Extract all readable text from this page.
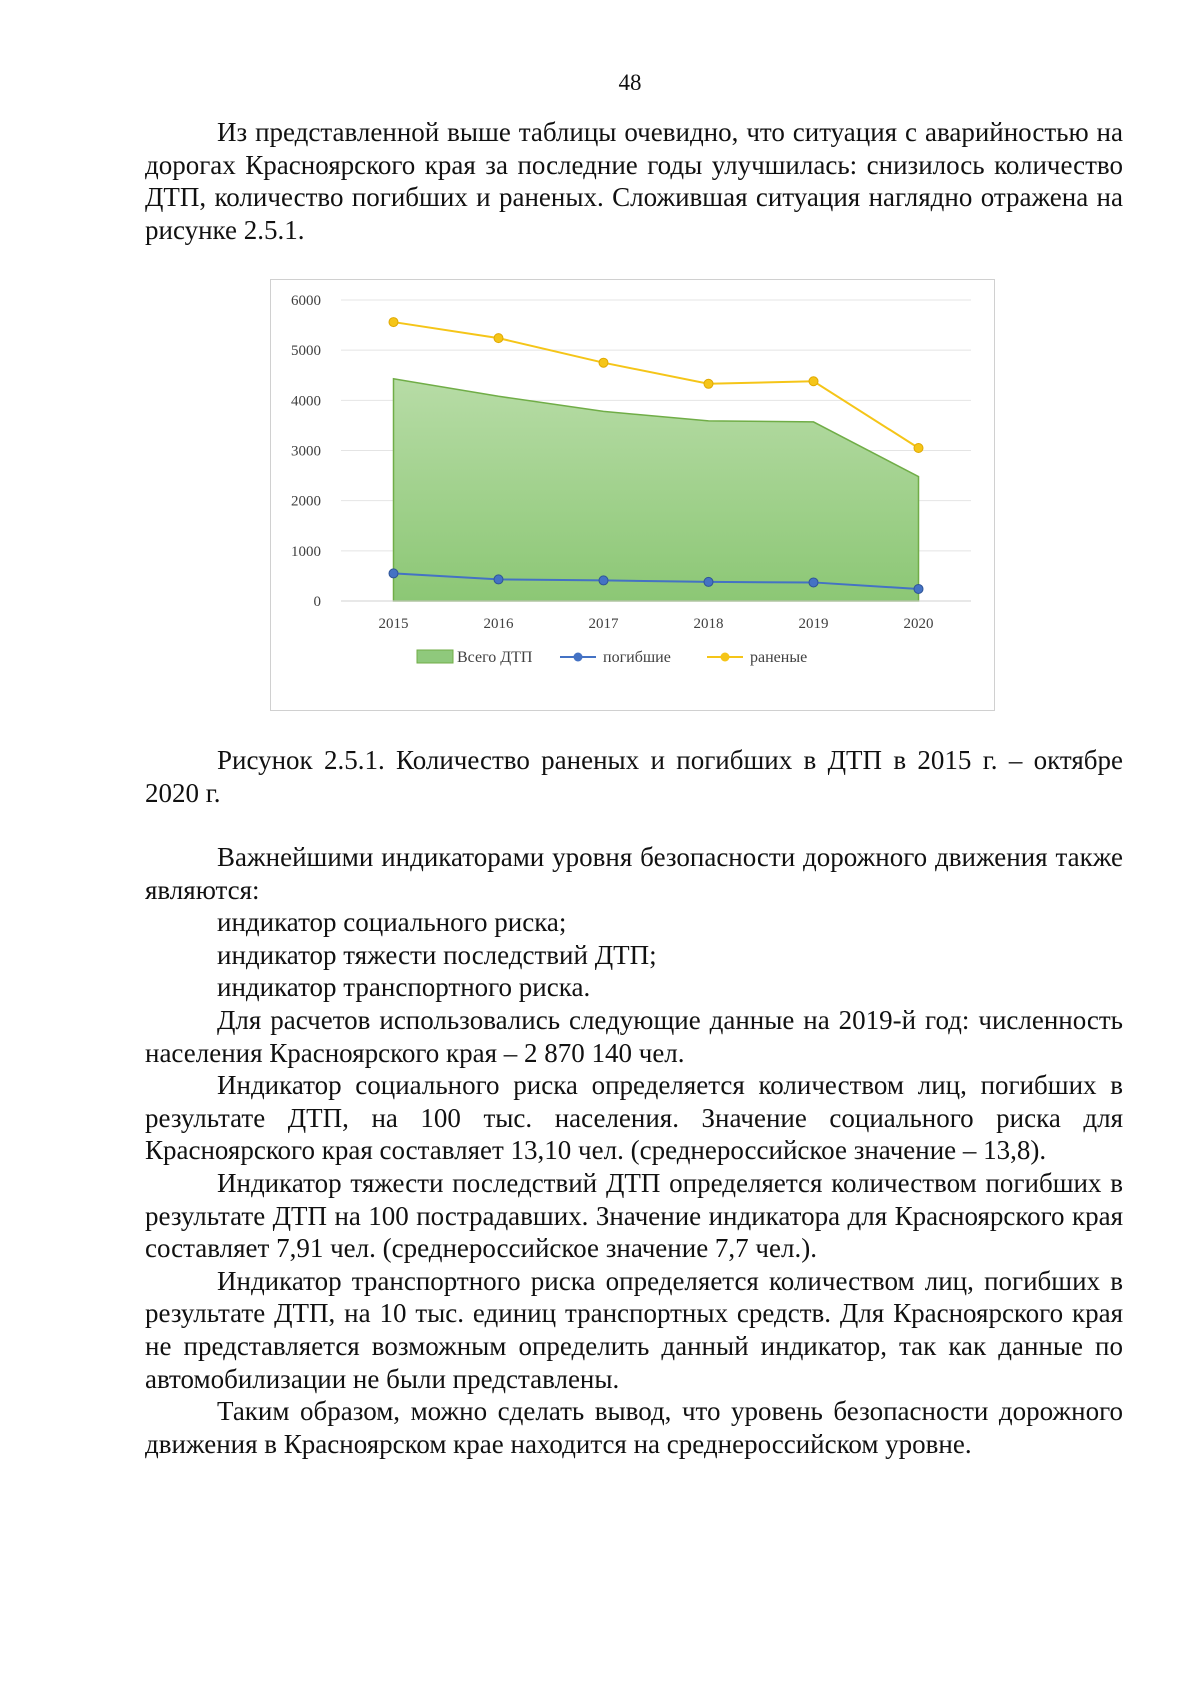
48

Из представленной выше таблицы очевидно, что ситуация с аварийностью на дорогах Красноярского края за последние годы улучшилась: снизилось количество ДТП, количество погибших и раненых. Сложившая ситуация наглядно отражена на рисунке 2.5.1.

0
1000
2000
3000
4000
5000
6000
2015	2016	2017	2018	2019	2020
Всего ДТП	погибшие	раненые

Рисунок 2.5.1. Количество раненых и погибших в ДТП в 2015 г. – октябре 2020 г.

Важнейшими индикаторами уровня безопасности дорожного движения также являются:

индикатор социального риска;

индикатор тяжести последствий ДТП;

индикатор транспортного риска.

Для расчетов использовались следующие данные на 2019-й год: численность населения Красноярского края – 2 870 140 чел.

Индикатор социального риска определяется количеством лиц, погибших в результате ДТП, на 100 тыс. населения. Значение социального риска для Красноярского края составляет 13,10 чел. (среднероссийское значение – 13,8).

Индикатор тяжести последствий ДТП определяется количеством погибших в результате ДТП на 100 пострадавших. Значение индикатора для Красноярского края составляет 7,91 чел. (среднероссийское значение 7,7 чел.).

Индикатор транспортного риска определяется количеством лиц, погибших в результате ДТП, на 10 тыс. единиц транспортных средств. Для Красноярского края не представляется возможным определить данный индикатор, так как данные по автомобилизации не были представлены.

Таким образом, можно сделать вывод, что уровень безопасности дорожного движения в Красноярском крае находится на среднероссийском уровне.
